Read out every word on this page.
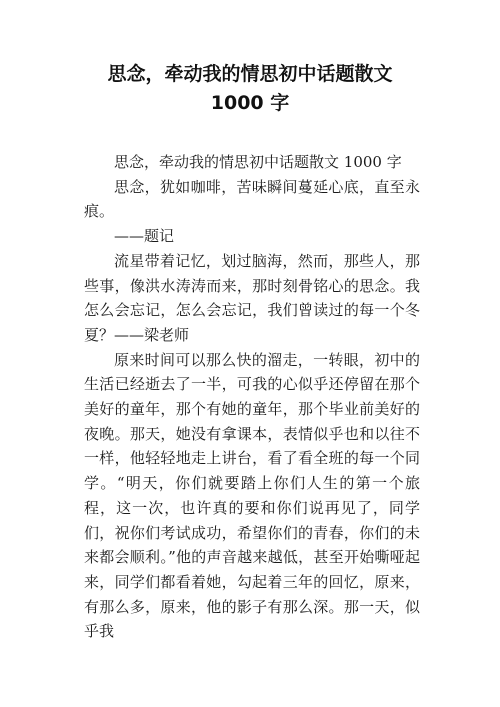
思念，牵动我的情思初中话题散文
1000 字

思念，牵动我的情思初中话题散文 1000 字

思念，犹如咖啡，苦味瞬间蔓延心底，直至永痕。

——题记

流星带着记忆，划过脑海，然而，那些人，那些事，像洪水涛涛而来，那时刻骨铭心的思念。我怎么会忘记，怎么会忘记，我们曾读过的每一个冬夏？——梁老师

原来时间可以那么快的溜走，一转眼，初中的生活已经逝去了一半，可我的心似乎还停留在那个美好的童年，那个有她的童年，那个毕业前美好的夜晚。那天，她没有拿课本，表情似乎也和以往不一样，他轻轻地走上讲台，看了看全班的每一个同学。“明天，你们就要踏上你们人生的第一个旅程，这一次，也许真的要和你们说再见了，同学们，祝你们考试成功，希望你们的青春，你们的未来都会顺利。”他的声音越来越低，甚至开始嘶哑起来，同学们都看着她，勾起着三年的回忆，原来，有那么多，原来，他的影子有那么深。那一天，似乎我
